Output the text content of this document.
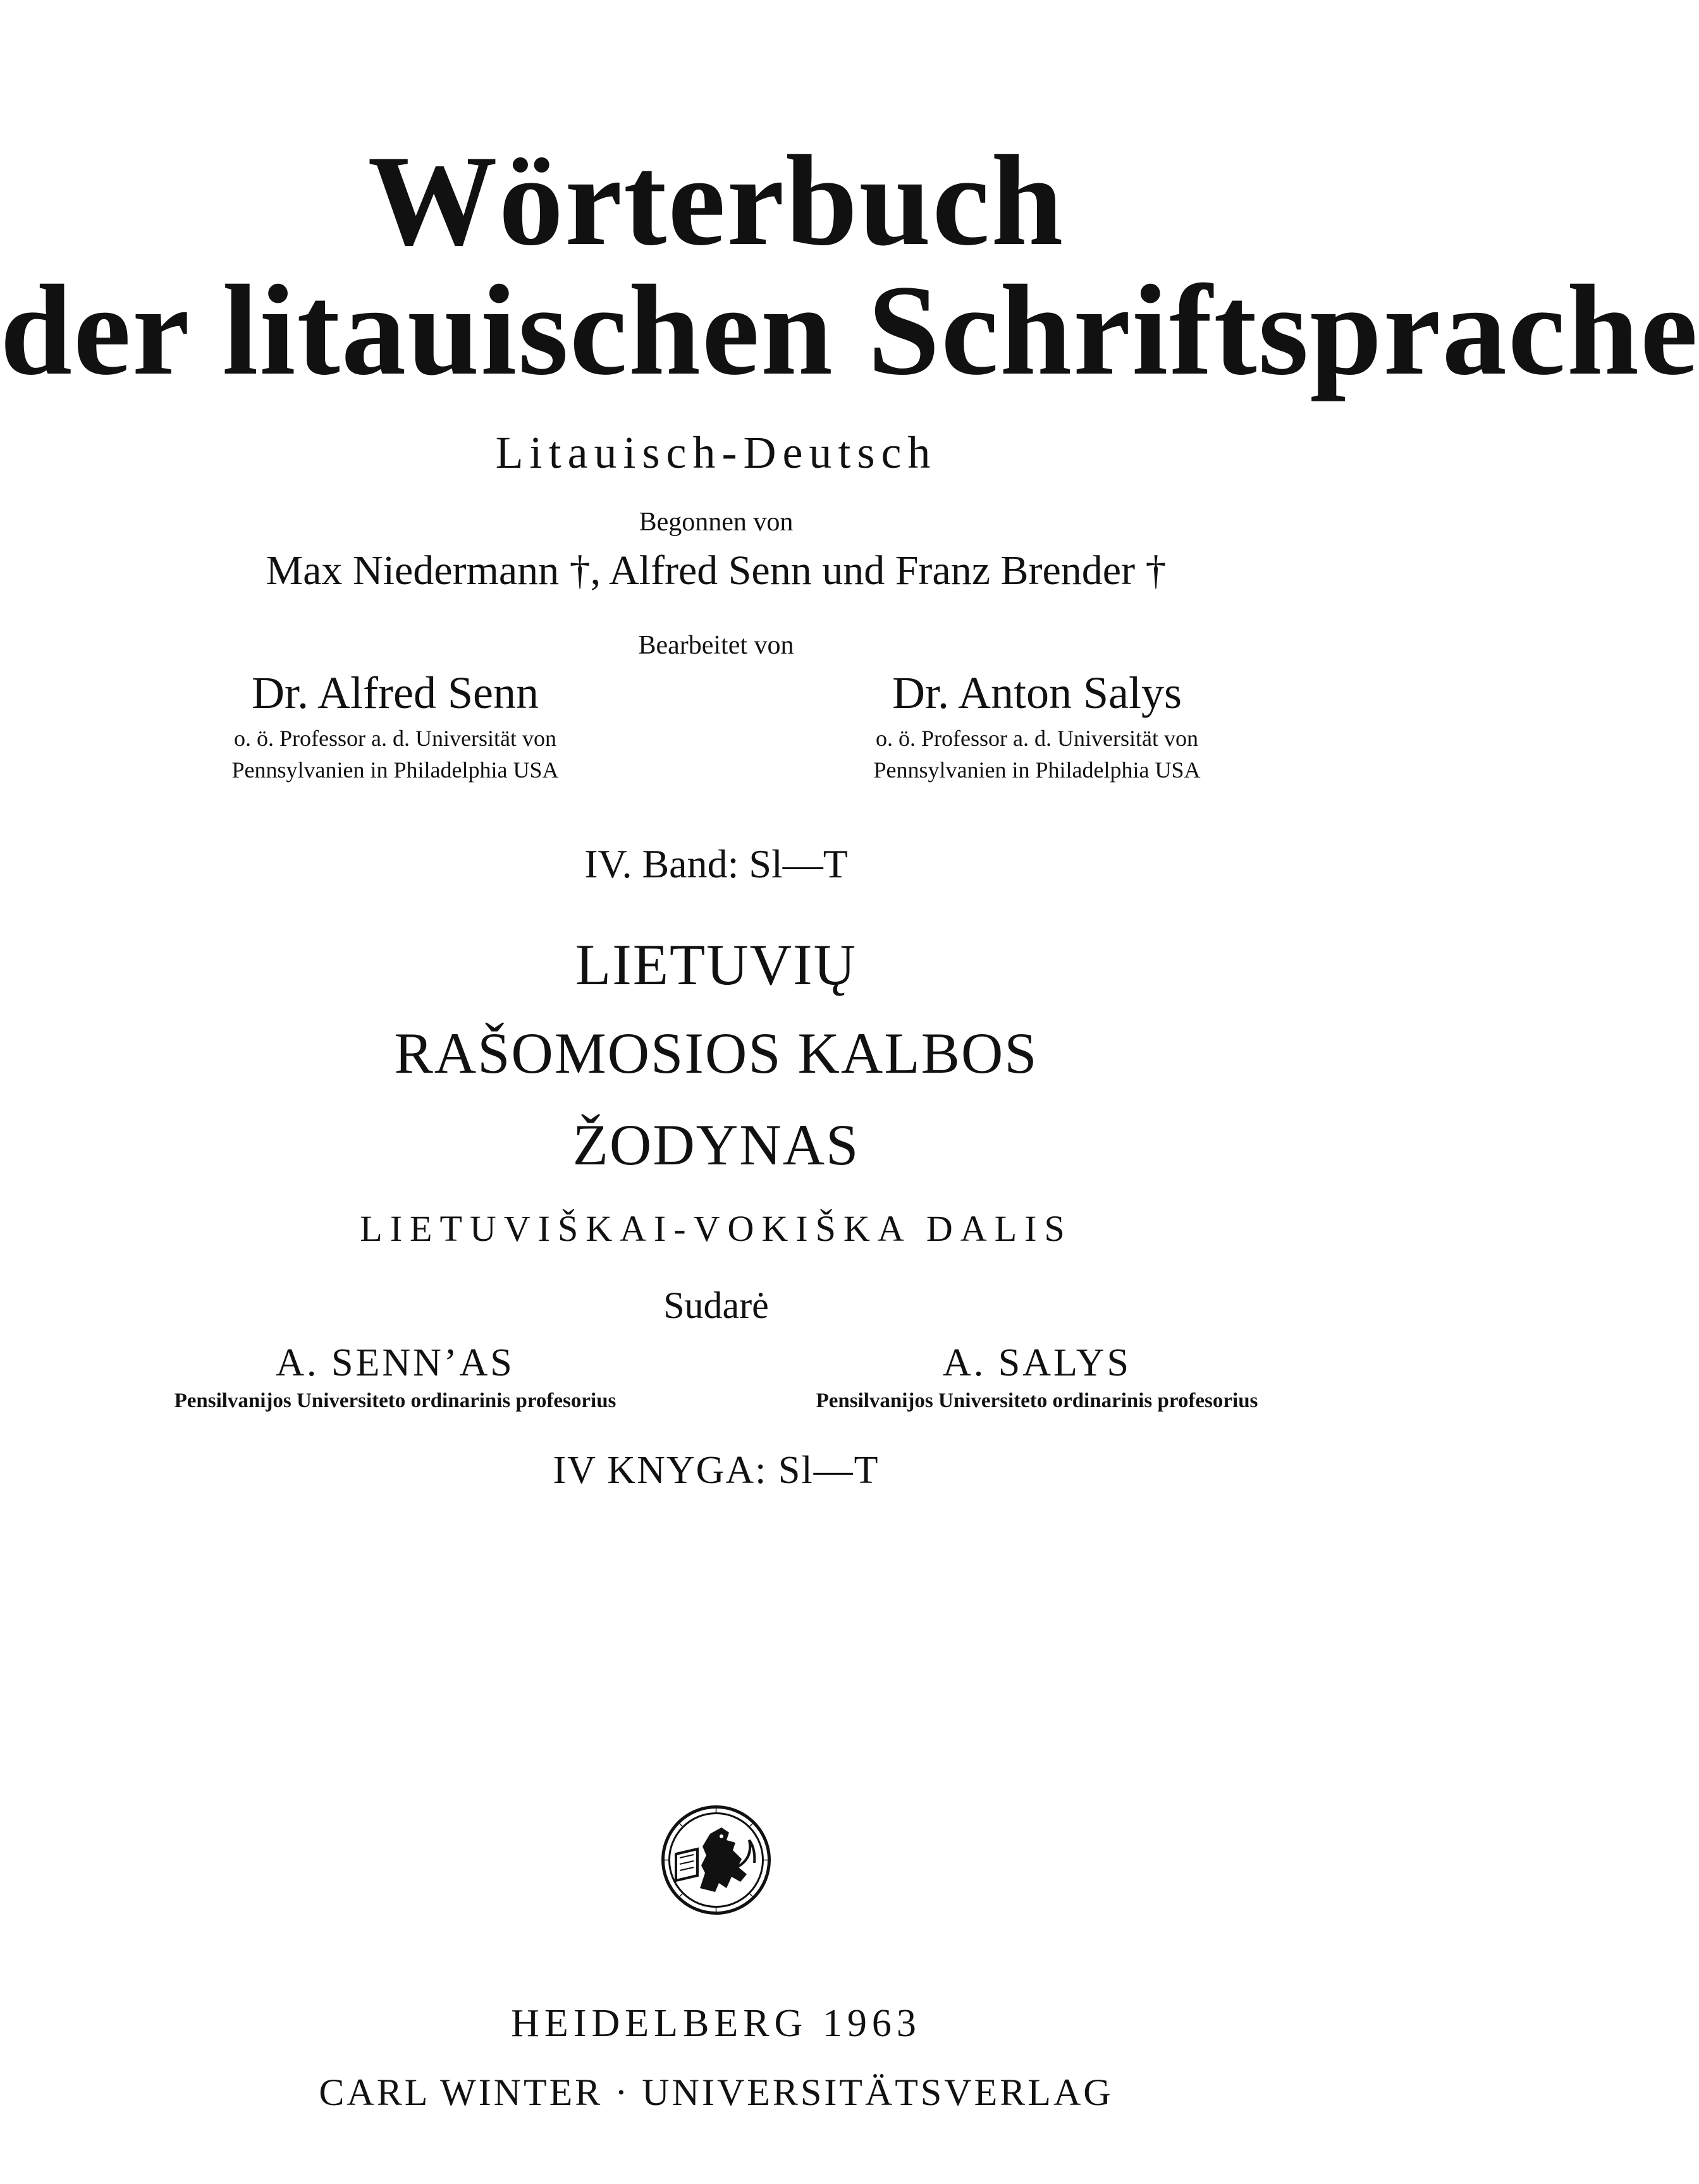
Wörterbuch
der litauischen Schriftsprache
Litauisch-Deutsch
Begonnen von
Max Niedermann †, Alfred Senn und Franz Brender †
Bearbeitet von
Dr. Alfred Senn
o. ö. Professor a. d. Universität von
Pennsylvanien in Philadelphia USA
Dr. Anton Salys
o. ö. Professor a. d. Universität von
Pennsylvanien in Philadelphia USA
IV. Band: Sl—T
LIETUVIŲ
RAŠOMOSIOS KALBOS
ŽODYNAS
LIETUVIŠKAI-VOKIŠKA DALIS
Sudarė
A. SENN’AS
Pensilvanijos Universiteto ordinarinis profesorius
A. SALYS
Pensilvanijos Universiteto ordinarinis profesorius
IV KNYGA: Sl—T
HEIDELBERG 1963
CARL WINTER · UNIVERSITÄTSVERLAG
